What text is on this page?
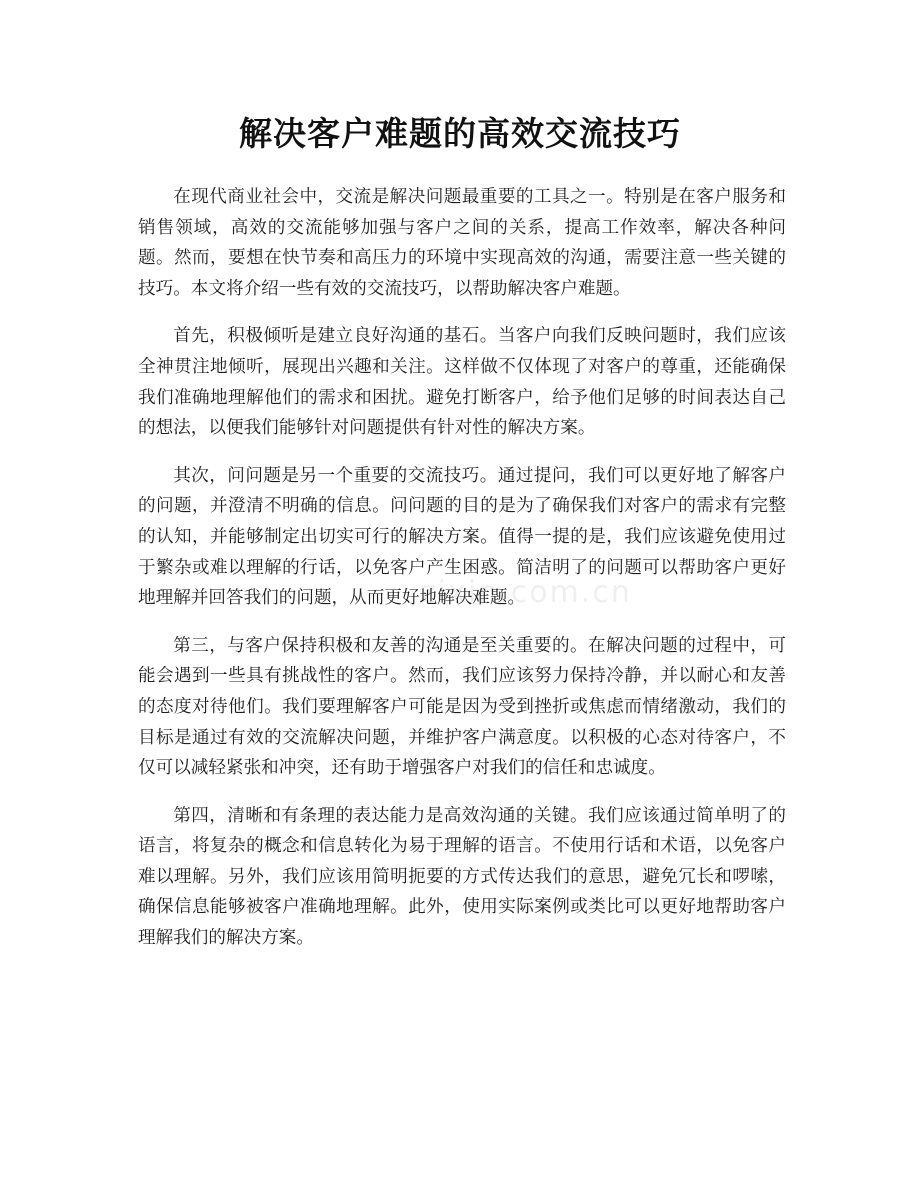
解决客户难题的高效交流技巧

在现代商业社会中，交流是解决问题最重要的工具之一。特别是在客户服务和销售领域，高效的交流能够加强与客户之间的关系，提高工作效率，解决各种问题。然而，要想在快节奏和高压力的环境中实现高效的沟通，需要注意一些关键的技巧。本文将介绍一些有效的交流技巧，以帮助解决客户难题。

首先，积极倾听是建立良好沟通的基石。当客户向我们反映问题时，我们应该全神贯注地倾听，展现出兴趣和关注。这样做不仅体现了对客户的尊重，还能确保我们准确地理解他们的需求和困扰。避免打断客户，给予他们足够的时间表达自己的想法，以便我们能够针对问题提供有针对性的解决方案。

其次，问问题是另一个重要的交流技巧。通过提问，我们可以更好地了解客户的问题，并澄清不明确的信息。问问题的目的是为了确保我们对客户的需求有完整的认知，并能够制定出切实可行的解决方案。值得一提的是，我们应该避免使用过于繁杂或难以理解的行话，以免客户产生困惑。简洁明了的问题可以帮助客户更好地理解并回答我们的问题，从而更好地解决难题。

第三，与客户保持积极和友善的沟通是至关重要的。在解决问题的过程中，可能会遇到一些具有挑战性的客户。然而，我们应该努力保持冷静，并以耐心和友善的态度对待他们。我们要理解客户可能是因为受到挫折或焦虑而情绪激动，我们的目标是通过有效的交流解决问题，并维护客户满意度。以积极的心态对待客户，不仅可以减轻紧张和冲突，还有助于增强客户对我们的信任和忠诚度。

第四，清晰和有条理的表达能力是高效沟通的关键。我们应该通过简单明了的语言，将复杂的概念和信息转化为易于理解的语言。不使用行话和术语，以免客户难以理解。另外，我们应该用简明扼要的方式传达我们的意思，避免冗长和啰嗦，确保信息能够被客户准确地理解。此外，使用实际案例或类比可以更好地帮助客户理解我们的解决方案。

zixin.com.cn
